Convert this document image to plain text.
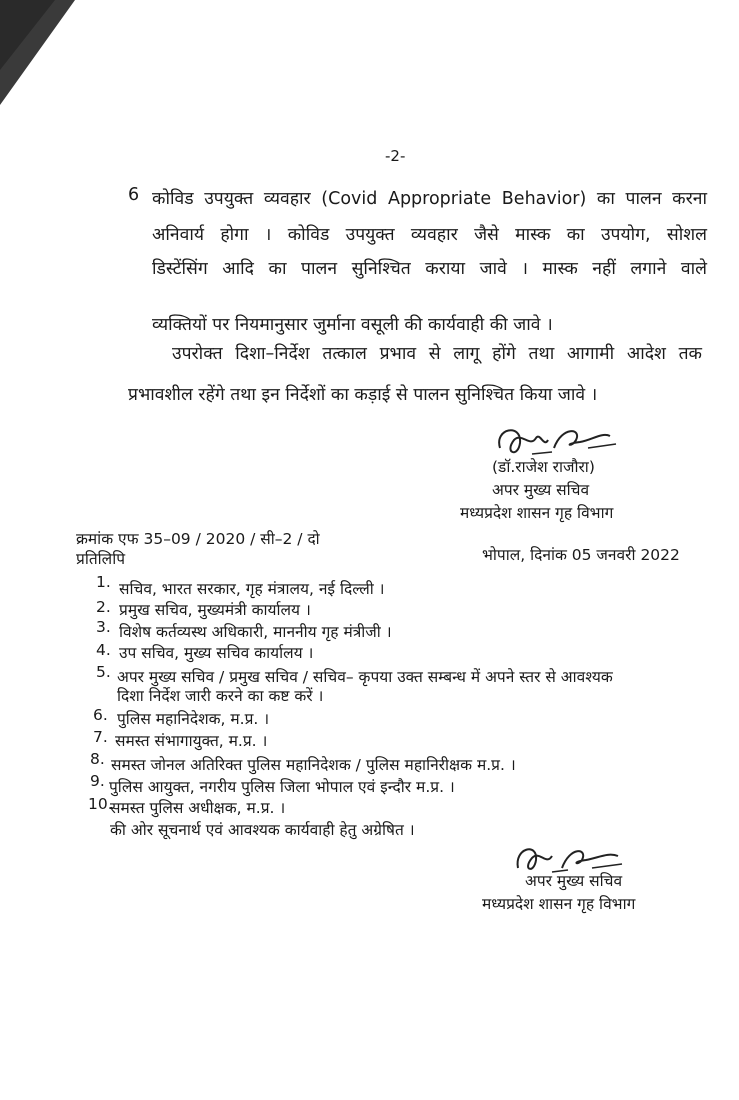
-2-
6 कोविड उपयुक्त व्यवहार (Covid Appropriate Behavior) का पालन करना
अनिवार्य होगा । कोविड उपयुक्त व्यवहार जैसे मास्क का उपयोग, सोशल
डिस्टेंसिंग आदि का पालन सुनिश्चित कराया जावे । मास्क नहीं लगाने वाले
व्यक्तियों पर नियमानुसार जुर्माना वसूली की कार्यवाही की जावे ।
उपरोक्त दिशा–निर्देश तत्काल प्रभाव से लागू होंगे तथा आगामी आदेश तक
प्रभावशील रहेंगे तथा इन निर्देशों का कड़ाई से पालन सुनिश्चित किया जावे ।
(डॉ.राजेश राजौरा)
अपर मुख्य सचिव
मध्यप्रदेश शासन गृह विभाग
क्रमांक एफ 35–09 / 2020 / सी–2 / दो
प्रतिलिपि	भोपाल, दिनांक 05 जनवरी 2022
1. सचिव, भारत सरकार, गृह मंत्रालय, नई दिल्ली ।
2. प्रमुख सचिव, मुख्यमंत्री कार्यालय ।
3. विशेष कर्तव्यस्थ अधिकारी, माननीय गृह मंत्रीजी ।
4. उप सचिव, मुख्य सचिव कार्यालय ।
5. अपर मुख्य सचिव / प्रमुख सचिव / सचिव– कृपया उक्त सम्बन्ध में अपने स्तर से आवश्यक
दिशा निर्देश जारी करने का कष्ट करें ।
6. पुलिस महानिदेशक, म.प्र. ।
7. समस्त संभागायुक्त, म.प्र. ।
8. समस्त जोनल अतिरिक्त पुलिस महानिदेशक / पुलिस महानिरीक्षक म.प्र. ।
9. पुलिस आयुक्त, नगरीय पुलिस जिला भोपाल एवं इन्दौर म.प्र. ।
10.
समस्त पुलिस अधीक्षक, म.प्र. ।
की ओर सूचनार्थ एवं आवश्यक कार्यवाही हेतु अग्रेषित ।
अपर मुख्य सचिव
मध्यप्रदेश शासन गृह विभाग
